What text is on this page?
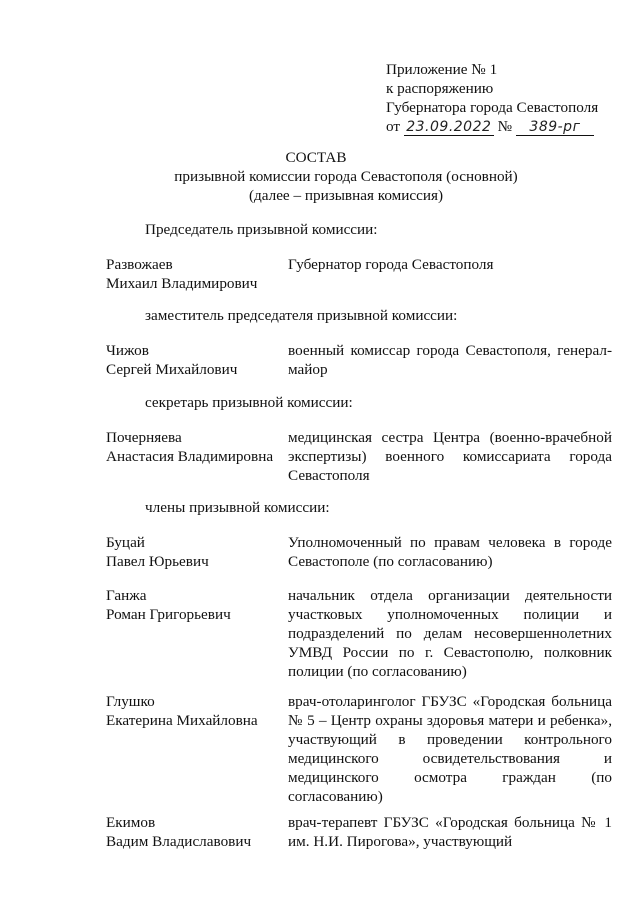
Приложение № 1
к распоряжению
Губернатора города Севастополя
от 23.09.2022 № 389-рг
СОСТАВ
призывной комиссии города Севастополя (основной)
(далее – призывная комиссия)
Председатель призывной комиссии:
Развожаев
Михаил Владимирович
Губернатор города Севастополя
заместитель председателя призывной комиссии:
Чижов
Сергей Михайлович
военный комиссар города Севастополя, генерал-майор
секретарь призывной комиссии:
Почерняева
Анастасия Владимировна
медицинская сестра Центра (военно-врачебной экспертизы) военного комиссариата города Севастополя
члены призывной комиссии:
Буцай
Павел Юрьевич
Уполномоченный по правам человека в городе Севастополе (по согласованию)
Ганжа
Роман Григорьевич
начальник отдела организации деятельности участковых уполномоченных полиции и подразделений по делам несовершеннолетних УМВД России по г. Севастополю, полковник полиции (по согласованию)
Глушко
Екатерина Михайловна
врач-отоларинголог ГБУЗС «Городская больница № 5 – Центр охраны здоровья матери и ребенка», участвующий в проведении контрольного медицинского освидетельствования и медицинского осмотра граждан (по согласованию)
Екимов
Вадим Владиславович
врач-терапевт ГБУЗС «Городская больница № 1 им. Н.И. Пирогова», участвующий
